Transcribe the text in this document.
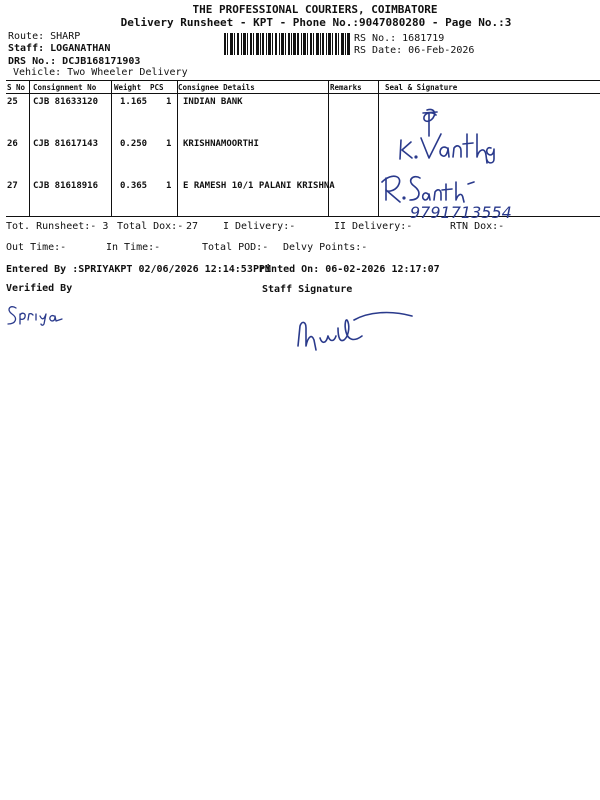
THE PROFESSIONAL COURIERS, COIMBATORE
Delivery Runsheet - KPT - Phone No.:9047080280 - Page No.:3
Route: SHARP
Staff: LOGANATHAN
DRS No.: DCJB168171903
Vehicle: Two Wheeler Delivery
RS No.: 1681719
RS Date: 06-Feb-2026
S No Consignment No Weight PCS Consignee Details	Remarks	Seal & Signature
25 CJB 81633120 1.165 1 INDIAN BANK
26 CJB 81617143 0.250 1 KRISHNAMOORTHI
27 CJB 81618916 0.365 1 E RAMESH 10/1 PALANI KRISHNA
9791713554
Tot. Runsheet:- 3 Total Dox:- 27 I Delivery:-	II Delivery:-	RTN Dox:-
Out Time:-	In Time:-	Total POD:- Delvy Points:-
Entered By :SPRIYAKPT 02/06/2026 12:14:53 PM
Printed On: 06-02-2026 12:17:07
Verified By	Staff Signature
